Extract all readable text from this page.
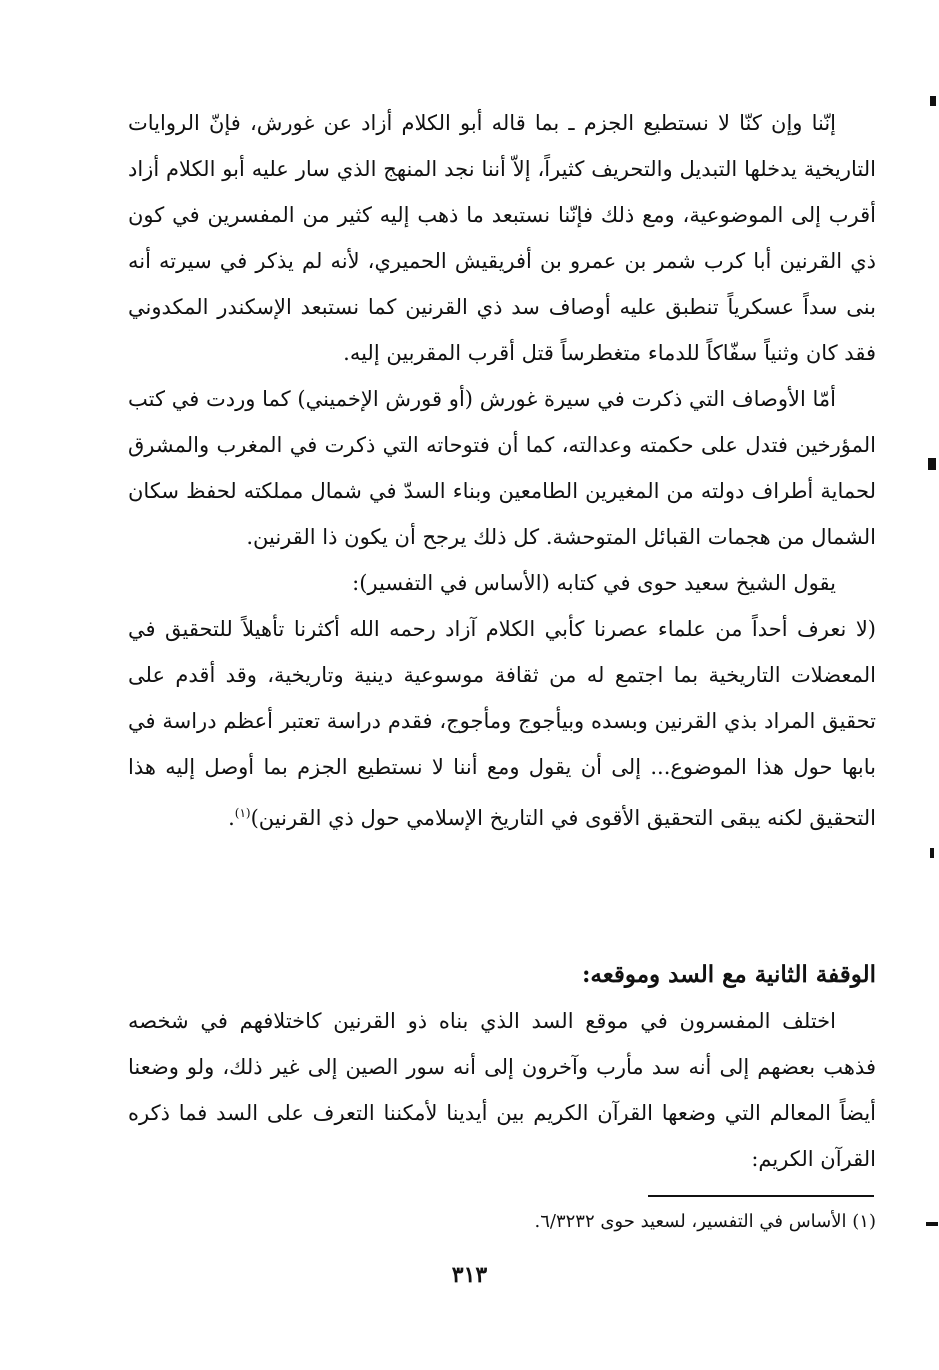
إنّنا وإن كنّا لا نستطيع الجزم ـ بما قاله أبو الكلام أزاد عن غورش، فإنّ الروايات التاريخية يدخلها التبديل والتحريف كثيراً، إلاّ أننا نجد المنهج الذي سار عليه أبو الكلام أزاد أقرب إلى الموضوعية، ومع ذلك فإنّنا نستبعد ما ذهب إليه كثير من المفسرين في كون ذي القرنين أبا كرب شمر بن عمرو بن أفريقيش الحميري، لأنه لم يذكر في سيرته أنه بنى سداً عسكرياً تنطبق عليه أوصاف سد ذي القرنين كما نستبعد الإسكندر المكدوني فقد كان وثنياً سفّاكاً للدماء متغطرساً قتل أقرب المقربين إليه.

أمّا الأوصاف التي ذكرت في سيرة غورش (أو قورش الإخميني) كما وردت في كتب المؤرخين فتدل على حكمته وعدالته، كما أن فتوحاته التي ذكرت في المغرب والمشرق لحماية أطراف دولته من المغيرين الطامعين وبناء السدّ في شمال مملكته لحفظ سكان الشمال من هجمات القبائل المتوحشة. كل ذلك يرجح أن يكون ذا القرنين.

يقول الشيخ سعيد حوى في كتابه (الأساس في التفسير):

(لا نعرف أحداً من علماء عصرنا كأبي الكلام آزاد رحمه الله أكثرنا تأهيلاً للتحقيق في المعضلات التاريخية بما اجتمع له من ثقافة موسوعية دينية وتاريخية، وقد أقدم على تحقيق المراد بذي القرنين وبسده وبيأجوج ومأجوج، فقدم دراسة تعتبر أعظم دراسة في بابها حول هذا الموضوع... إلى أن يقول ومع أننا لا نستطيع الجزم بما أوصل إليه هذا التحقيق لكنه يبقى التحقيق الأقوى في التاريخ الإسلامي حول ذي القرنين)$^{(١)}$.

الوقفة الثانية مع السد وموقعه:

اختلف المفسرون في موقع السد الذي بناه ذو القرنين كاختلافهم في شخصه فذهب بعضهم إلى أنه سد مأرب وآخرون إلى أنه سور الصين إلى غير ذلك، ولو وضعنا أيضاً المعالم التي وضعها القرآن الكريم بين أيدينا لأمكننا التعرف على السد فما ذكره القرآن الكريم:

(١) الأساس في التفسير، لسعيد حوى ٦/٣٢٣٢.

٣١٣
